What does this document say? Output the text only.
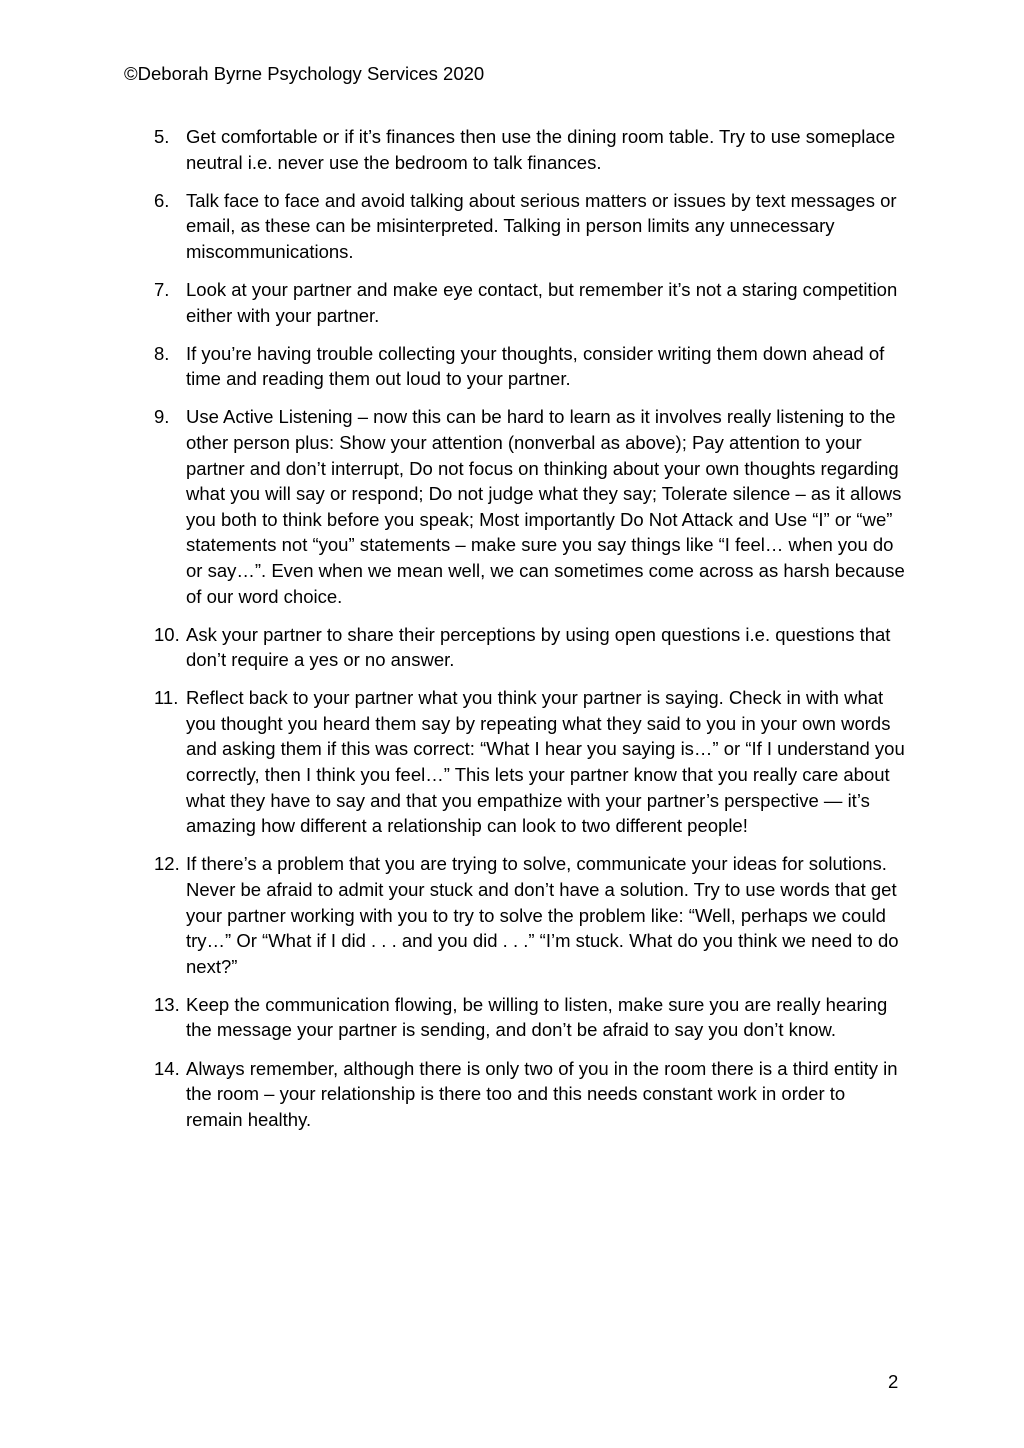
©Deborah Byrne Psychology Services 2020
5. Get comfortable or if it’s finances then use the dining room table. Try to use someplace neutral i.e. never use the bedroom to talk finances.
6. Talk face to face and avoid talking about serious matters or issues by text messages or email, as these can be misinterpreted. Talking in person limits any unnecessary miscommunications.
7. Look at your partner and make eye contact, but remember it’s not a staring competition either with your partner.
8. If you’re having trouble collecting your thoughts, consider writing them down ahead of time and reading them out loud to your partner.
9. Use Active Listening – now this can be hard to learn as it involves really listening to the other person plus: Show your attention (nonverbal as above); Pay attention to your partner and don’t interrupt, Do not focus on thinking about your own thoughts regarding what you will say or respond; Do not judge what they say; Tolerate silence – as it allows you both to think before you speak; Most importantly Do Not Attack and Use “I” or “we” statements not “you” statements – make sure you say things like “I feel… when you do or say…”. Even when we mean well, we can sometimes come across as harsh because of our word choice.
10. Ask your partner to share their perceptions by using open questions i.e. questions that don’t require a yes or no answer.
11. Reflect back to your partner what you think your partner is saying. Check in with what you thought you heard them say by repeating what they said to you in your own words and asking them if this was correct: “What I hear you saying is…” or “If I understand you correctly, then I think you feel…” This lets your partner know that you really care about what they have to say and that you empathize with your partner’s perspective — it’s amazing how different a relationship can look to two different people!
12. If there’s a problem that you are trying to solve, communicate your ideas for solutions. Never be afraid to admit your stuck and don’t have a solution. Try to use words that get your partner working with you to try to solve the problem like: “Well, perhaps we could try…” Or “What if I did . . . and you did . . .” “I’m stuck. What do you think we need to do next?”
13. Keep the communication flowing, be willing to listen, make sure you are really hearing the message your partner is sending, and don’t be afraid to say you don’t know.
14. Always remember, although there is only two of you in the room there is a third entity in the room – your relationship is there too and this needs constant work in order to remain healthy.
2
